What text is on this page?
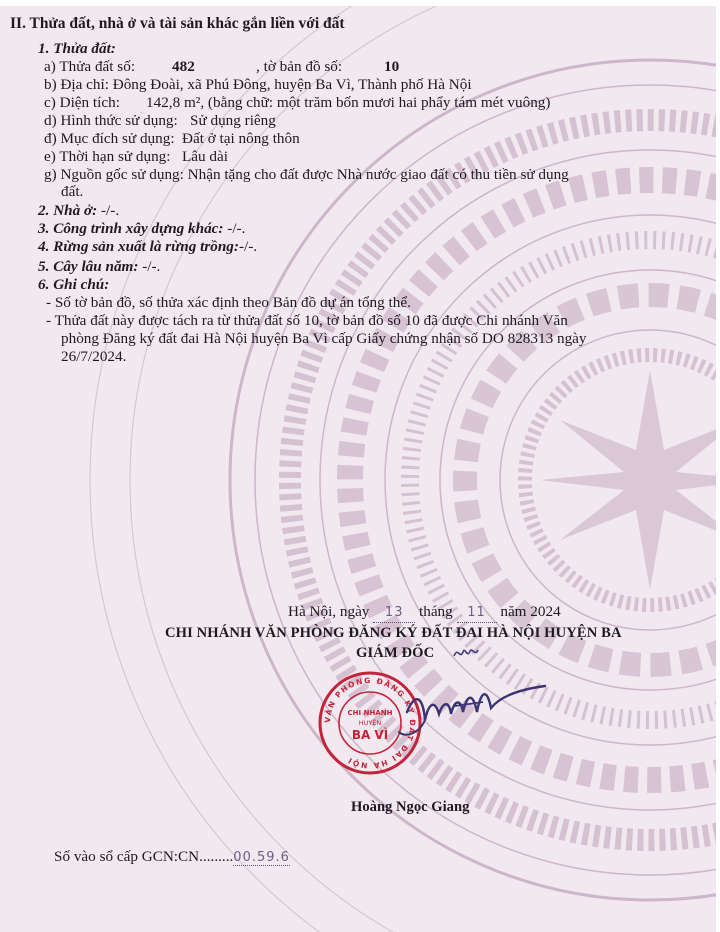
II. Thửa đất, nhà ở và tài sản khác gắn liền với đất
1. Thửa đất:
a) Thửa đất số: 482	, tờ bản đồ số:	10
b) Địa chỉ: Đông Đoài, xã Phú Đông, huyện Ba Vì, Thành phố Hà Nội
c) Diện tích: 142,8 m², (bằng chữ: một trăm bốn mươi hai phẩy tám mét vuông)
d) Hình thức sử dụng: Sử dụng riêng
đ) Mục đích sử dụng: Đất ở tại nông thôn
e) Thời hạn sử dụng: Lâu dài
g) Nguồn gốc sử dụng: Nhận tặng cho đất được Nhà nước giao đất có thu tiền sử dụng
đất.
2. Nhà ở: -/-.
3. Công trình xây dựng khác: -/-.
4. Rừng sản xuất là rừng trồng:-/-.
5. Cây lâu năm: -/-.
6. Ghi chú:
- Số tờ bản đồ, số thửa xác định theo Bản đồ dự án tổng thể.
- Thửa đất này được tách ra từ thửa đất số 10, tờ bản đồ số 10 đã được Chi nhánh Văn
phòng Đăng ký đất đai Hà Nội huyện Ba Vì cấp Giấy chứng nhận số DO 828313 ngày
26/7/2024.
Hà Nội, ngày 13 tháng 11 năm 2024
CHI NHÁNH VĂN PHÒNG ĐĂNG KÝ ĐẤT ĐAI HÀ NỘI HUYỆN BA
GIÁM ĐỐC
VĂN PHÒNG ĐĂNG KÝ ĐẤT ĐAI HÀ NỘI
CHI NHÁNH
HUYỆN
BA VÌ
Hoàng Ngọc Giang
Số vào sổ cấp GCN:CN.........00.59.6
